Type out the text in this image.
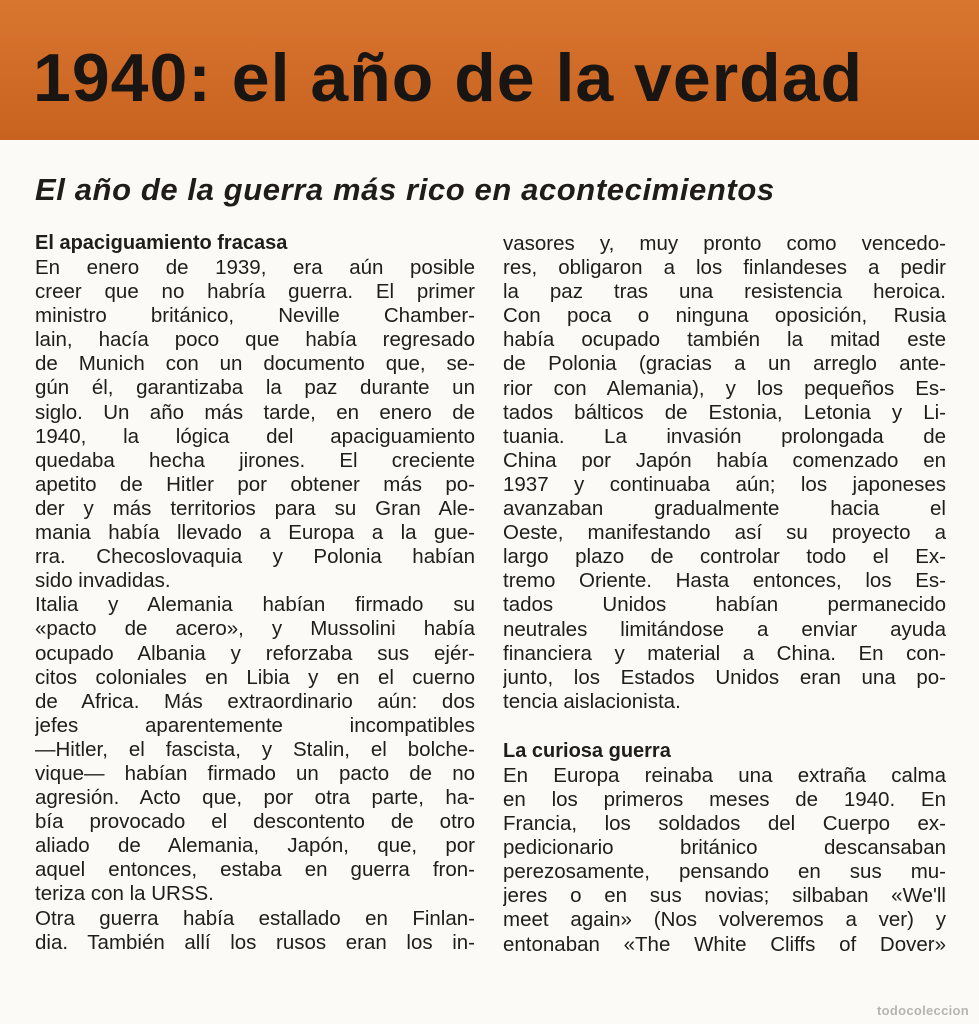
1940: el año de la verdad
El año de la guerra más rico en acontecimientos
El apaciguamiento fracasa
En enero de 1939, era aún posible
creer que no habría guerra. El primer
ministro británico, Neville Chamber-
lain, hacía poco que había regresado
de Munich con un documento que, se-
gún él, garantizaba la paz durante un
siglo. Un año más tarde, en enero de
1940, la lógica del apaciguamiento
quedaba hecha jirones. El creciente
apetito de Hitler por obtener más po-
der y más territorios para su Gran Ale-
mania había llevado a Europa a la gue-
rra. Checoslovaquia y Polonia habían
sido invadidas.
Italia y Alemania habían firmado su
«pacto de acero», y Mussolini había
ocupado Albania y reforzaba sus ejér-
citos coloniales en Libia y en el cuerno
de Africa. Más extraordinario aún: dos
jefes aparentemente incompatibles
—Hitler, el fascista, y Stalin, el bolche-
vique— habían firmado un pacto de no
agresión. Acto que, por otra parte, ha-
bía provocado el descontento de otro
aliado de Alemania, Japón, que, por
aquel entonces, estaba en guerra fron-
teriza con la URSS.
Otra guerra había estallado en Finlan-
dia. También allí los rusos eran los in-
vasores y, muy pronto como vencedo-
res, obligaron a los finlandeses a pedir
la paz tras una resistencia heroica.
Con poca o ninguna oposición, Rusia
había ocupado también la mitad este
de Polonia (gracias a un arreglo ante-
rior con Alemania), y los pequeños Es-
tados bálticos de Estonia, Letonia y Li-
tuania. La invasión prolongada de
China por Japón había comenzado en
1937 y continuaba aún; los japoneses
avanzaban gradualmente hacia el
Oeste, manifestando así su proyecto a
largo plazo de controlar todo el Ex-
tremo Oriente. Hasta entonces, los Es-
tados Unidos habían permanecido
neutrales limitándose a enviar ayuda
financiera y material a China. En con-
junto, los Estados Unidos eran una po-
tencia aislacionista.
La curiosa guerra
En Europa reinaba una extraña calma
en los primeros meses de 1940. En
Francia, los soldados del Cuerpo ex-
pedicionario británico descansaban
perezosamente, pensando en sus mu-
jeres o en sus novias; silbaban «We'll
meet again» (Nos volveremos a ver) y
entonaban «The White Cliffs of Dover»
todocoleccion
